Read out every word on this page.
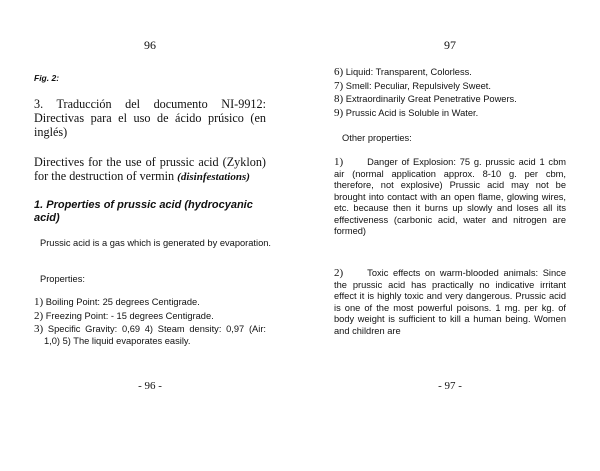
96
Fig. 2:
3. Traducción del documento NI-9912: Directivas para el uso de ácido prúsico (en inglés)
Directives for the use of prussic acid (Zyklon) for the destruction of vermin (disinfestations)
1. Properties of prussic acid (hydrocyanic acid)
Prussic acid is a gas which is generated by evaporation.
Properties:
1) Boiling Point: 25 degrees Centigrade.
2) Freezing Point: - 15 degrees Centigrade.
3) Specific Gravity: 0,69 4) Steam density: 0,97 (Air: 1,0) 5) The liquid evaporates easily.
- 96 -
97
6) Liquid: Transparent, Colorless.
7) Smell: Peculiar, Repulsively Sweet.
8) Extraordinarily Great Penetrative Powers.
9) Prussic Acid is Soluble in Water.
Other properties:
1)	Danger of Explosion: 75 g. prussic acid 1 cbm air (normal application approx. 8-10 g. per cbm, therefore, not explosive) Prussic acid may not be brought into contact with an open flame, glowing wires, etc. because then it burns up slowly and loses all its effectiveness (carbonic acid, water and nitrogen are formed)
2)	Toxic effects on warm-blooded animals: Since the prussic acid has practically no indicative irritant effect it is highly toxic and very dangerous. Prussic acid is one of the most powerful poisons. 1 mg. per kg. of body weight is sufficient to kill a human being. Women and children are
- 97 -
